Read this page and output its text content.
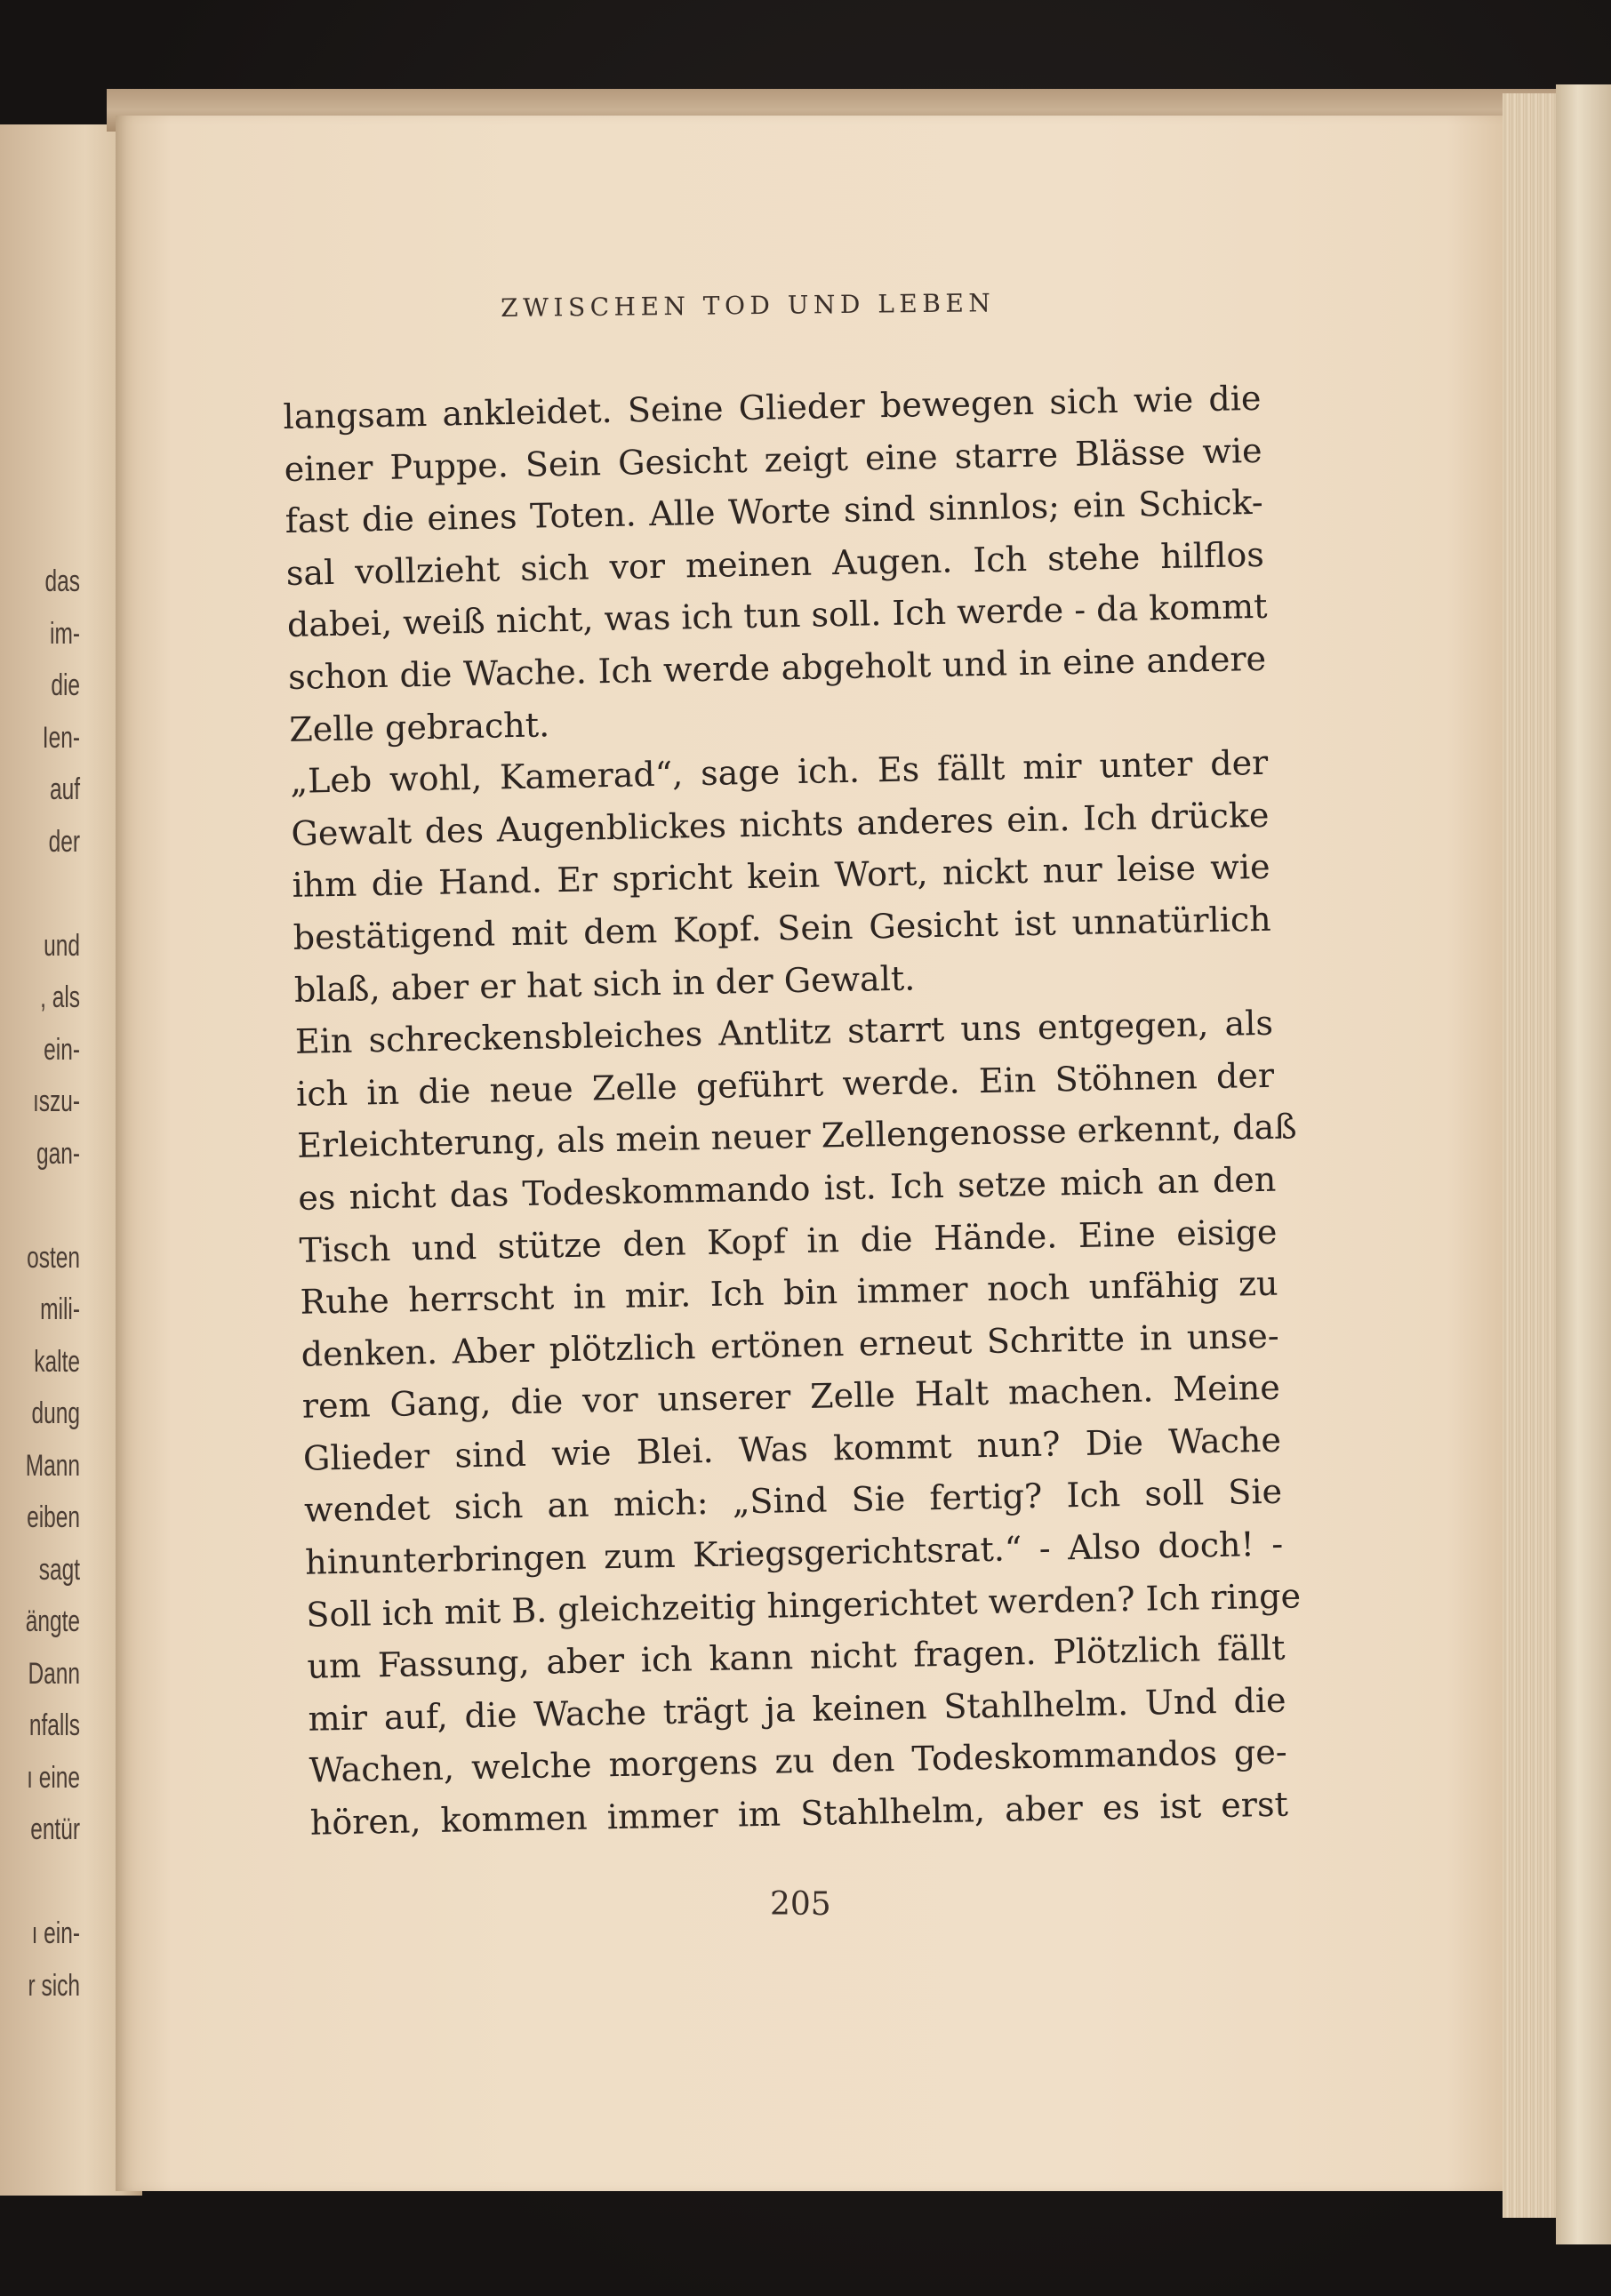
das
im-
die
Ien-
auf
der

und
, als
ein-
ıszu-
gan-

osten
mili-
kalte
dung
Mann
eiben
sagt
ängte
Dann
nfalls
ı eine
entür

ı ein-
r sich
ZWISCHEN TOD UND LEBEN
langsam ankleidet. Seine Glieder bewegen sich wie die
einer Puppe. Sein Gesicht zeigt eine starre Blässe wie
fast die eines Toten. Alle Worte sind sinnlos; ein Schick-
sal vollzieht sich vor meinen Augen. Ich stehe hilflos
dabei, weiß nicht, was ich tun soll. Ich werde - da kommt
schon die Wache. Ich werde abgeholt und in eine andere
Zelle gebracht.
„Leb wohl, Kamerad“, sage ich. Es fällt mir unter der
Gewalt des Augenblickes nichts anderes ein. Ich drücke
ihm die Hand. Er spricht kein Wort, nickt nur leise wie
bestätigend mit dem Kopf. Sein Gesicht ist unnatürlich
blaß, aber er hat sich in der Gewalt.
Ein schreckensbleiches Antlitz starrt uns entgegen, als
ich in die neue Zelle geführt werde. Ein Stöhnen der
Erleichterung, als mein neuer Zellengenosse erkennt, daß
es nicht das Todeskommando ist. Ich setze mich an den
Tisch und stütze den Kopf in die Hände. Eine eisige
Ruhe herrscht in mir. Ich bin immer noch unfähig zu
denken. Aber plötzlich ertönen erneut Schritte in unse-
rem Gang, die vor unserer Zelle Halt machen. Meine
Glieder sind wie Blei. Was kommt nun? Die Wache
wendet sich an mich: „Sind Sie fertig? Ich soll Sie
hinunterbringen zum Kriegsgerichtsrat.“ - Also doch! -
Soll ich mit B. gleichzeitig hingerichtet werden? Ich ringe
um Fassung, aber ich kann nicht fragen. Plötzlich fällt
mir auf, die Wache trägt ja keinen Stahlhelm. Und die
Wachen, welche morgens zu den Todeskommandos ge-
hören, kommen immer im Stahlhelm, aber es ist erst
205
